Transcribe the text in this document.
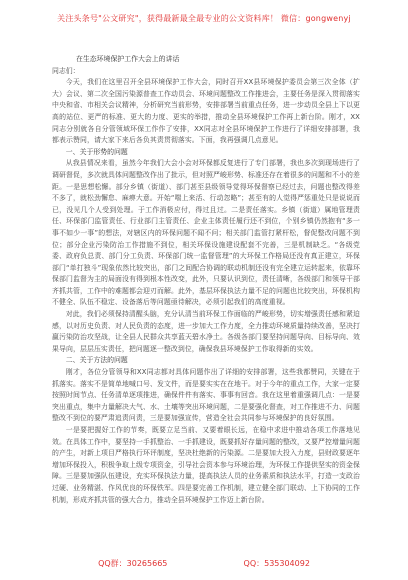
关注头条号"公文研究"，获得最新最全最专业的公文资料库！ 微信：gongwenyj
在生态环境保护工作大会上的讲话
同志们：

今天，我们在这里召开全县环境保护工作大会，同时召开XX县环境保护委员会第三次全体（扩大）会议、第二次全国污染源普查工作动员会、环境问题整改工作推进会，主要任务是深入贯彻落实中央和省、市相关会议精神，分析研究当前形势，安排部署当前重点任务，进一步动员全县上下以更高的站位、更严的标准、更大的力度、更实的举措，推动全县环境保护工作再上新台阶。刚才，XX同志分别就各自分管领域环保工作作了安排，XX同志对全县环境保护工作进行了详细安排部署，我都表示赞同，请大家下来后各负其责贯彻落实。下面，我再强调几点意见。

一、关于形势的问题

从我县情况来看，虽然今年我们大会小会对环保都反复进行了专门部署，我也多次到现场进行了调研督促，多次就具体问题整改作出了批示，但对照严峻形势、标准还存在着很多的问题和不小的差距。一是思想松懈。部分乡镇（街道）、部门甚至县级领导觉得环保督察已经过去，问题也整改得差不多了，就松劲懈怠、麻痹大意。开始“喘上来活、行动忽略”；甚至有的人觉得严惩重处只是说说而已，没见几个人受到处理。于工作消极应付，得过且过。二是责任落实。乡镇（街道）属地管理责任、环保部门监管责任、行业部门主管责任、企业主体责任履行还不到位，个别乡镇仍然抱有“多一事不如少一事”的想法，对辖区内的环保问题不闻不问；相关部门监管打紧杆松，督促整改问题不到位；部分企业污染防治工作措施不到位，相关环保设施建设配套不完善，三是机制缺乏。“各级党委、政府负总责、部门分工负责、环保部门统一监督管理”的大环保工作格局还没有真正建立，环保部门“单打独斗”现象依然比较突出，部门之间配合协调的联动机制还没有完全建立运转起来，依靠环保部门监督为主的局面没有得到根本性改变，此外，只要认识到位，责任清晰，各级部门和领导干部齐抓共管，工作中的难题都会迎刃而解。此外，基层环保执法力量不足的问题也比较突出，环保机构不健全、队伍不稳定、设备落后等问题亟待解决，必须引起我们的高度重视。

对此，我们必须保持清醒头脑，充分认清当前环保工作面临的严峻形势，切实增强责任感和紧迫感，以对历史负责、对人民负责的态度，进一步加大工作力度，全力推动环境质量持续改善，坚决打赢污染防治攻坚战，让全县人民群众共享蓝天碧水净土。各级各部门要坚持问题导向、目标导向、效果导向，层层压实责任，把问题逐一整改到位，确保我县环境保护工作取得新的实效。

二、关于方法的问题

刚才，各位分管领导和XX同志都对具体问题作出了详细的安排部署，这些我都赞同，关键在于抓落实。落实不是简单地喊口号、发文件，而是要实实在在地干。对于今年的重点工作，大家一定要按照时间节点、任务清单逐项推进，确保件件有落实、事事有回音。我在这里着重强调几点：一是要突出重点，集中力量解决大气、水、土壤等突出环境问题，二是要强化督查，对工作推进不力、问题整改不到位的要严肃追责问责，三是要加强宣传，营造全社会共同参与环境保护的良好氛围。

一是要把握好工作的节奏，既要立足当前、又要着眼长远，在稳中求进中推动各项工作落地见效。在具体工作中，要坚持一手抓整治、一手抓建设，既要抓好存量问题的整改，又要严控增量问题的产生，对新上项目严格执行环评制度，坚决杜绝新的污染源。二是要加大投入力度，县财政要逐年增加环保投入，积极争取上级专项资金，引导社会资本参与环境治理，为环保工作提供坚实的资金保障。三是要加强队伍建设，充实环保执法力量，提高执法人员的业务素质和执法水平，打造一支政治过硬、业务精湛、作风优良的环保铁军。四是要完善工作机制，建立健全部门联动、上下协同的工作机制，形成齐抓共管的强大合力，推动全县环境保护工作迈上新台阶。

QQ群：30265665	QQ：535304092
